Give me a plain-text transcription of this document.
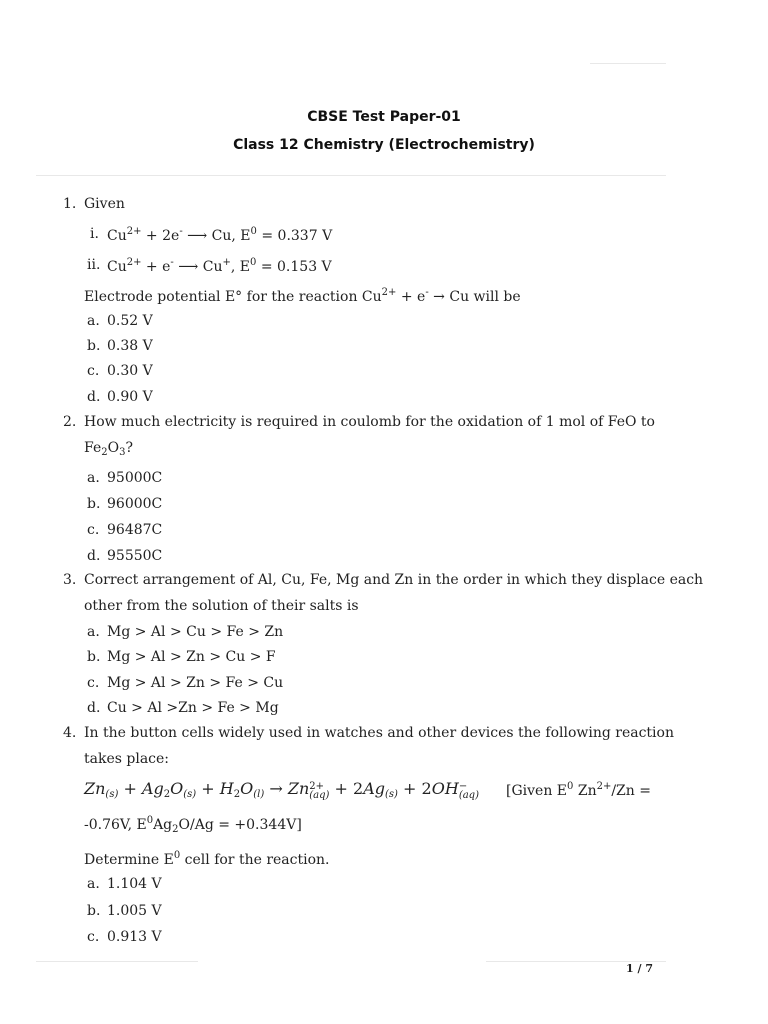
CBSE Test Paper-01
Class 12 Chemistry (Electrochemistry)
1. Given
i. $Cu^{2+} + 2e^-$ ⟶ Cu, $E^0 = 0.337$ V
ii. $Cu^{2+} + e^-$ ⟶ Cu+, $E^0 = 0.153$ V
Electrode potential E° for the reaction $Cu^{2+} + e^- \to Cu$ will be
a. 0.52 V
b. 0.38 V
c. 0.30 V
d. 0.90 V
2. How much electricity is required in coulomb for the oxidation of 1 mol of FeO to
$Fe_2O_3$?
a. 95000C
b. 96000C
c. 96487C
d. 95550C
3. Correct arrangement of Al, Cu, Fe, Mg and Zn in the order in which they displace each
other from the solution of their salts is
a. Mg > Al > Cu > Fe > Zn
b. Mg > Al > Zn > Cu > F
c. Mg > Al > Zn > Fe > Cu
d. Cu > Al >Zn > Fe > Mg
4. In the button cells widely used in watches and other devices the following reaction
takes place:
$Zn_{(s)} + Ag_2O_{(s)} + H_2O_{(l)} \to Zn$ 2+
$(aq) + 2Ag_{(s)} + 2OH$ −
(aq) [Given $E^0$ $Zn^{2+}/Zn$ =
-0.76V, $E^0Ag_2O/Ag = +0.344V$]
Determine $E^0$ cell for the reaction.
a. 1.104 V
b. 1.005 V
c. 0.913 V
1 / 7
